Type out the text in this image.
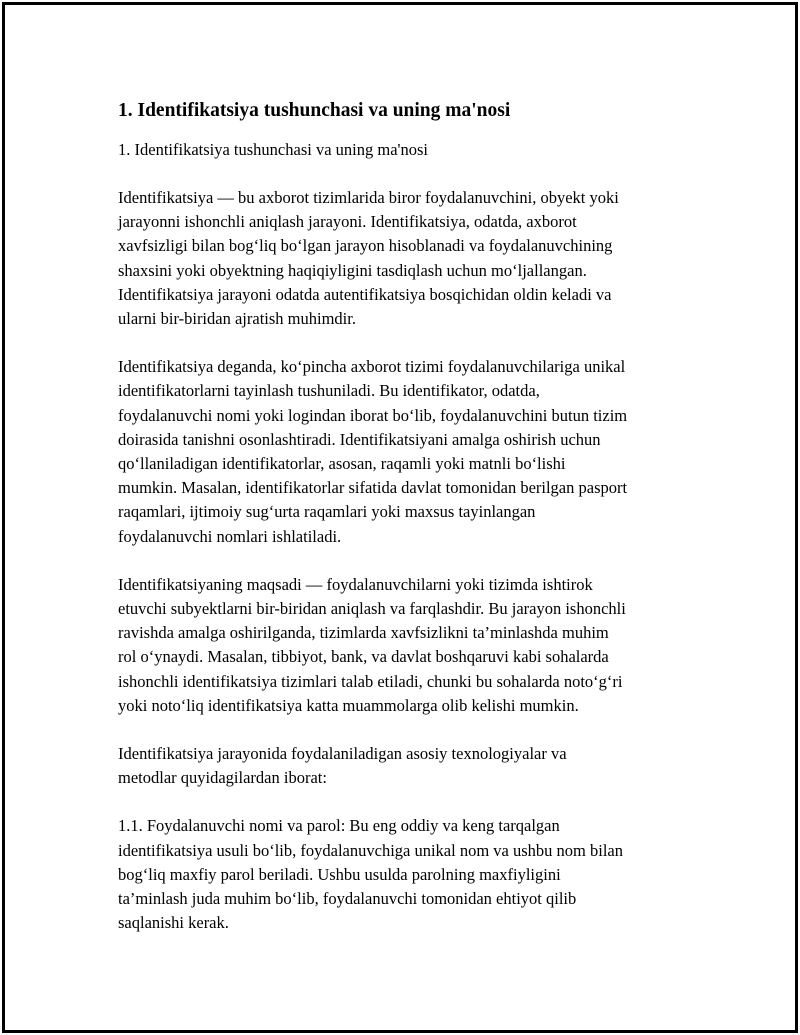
1. Identifikatsiya tushunchasi va uning ma'nosi

1. Identifikatsiya tushunchasi va uning ma'nosi

Identifikatsiya — bu axborot tizimlarida biror foydalanuvchini, obyekt yoki
jarayonni ishonchli aniqlash jarayoni. Identifikatsiya, odatda, axborot
xavfsizligi bilan bog‘liq bo‘lgan jarayon hisoblanadi va foydalanuvchining
shaxsini yoki obyektning haqiqiyligini tasdiqlash uchun mo‘ljallangan.
Identifikatsiya jarayoni odatda autentifikatsiya bosqichidan oldin keladi va
ularni bir-biridan ajratish muhimdir.

Identifikatsiya deganda, ko‘pincha axborot tizimi foydalanuvchilariga unikal
identifikatorlarni tayinlash tushuniladi. Bu identifikator, odatda,
foydalanuvchi nomi yoki logindan iborat bo‘lib, foydalanuvchini butun tizim
doirasida tanishni osonlashtiradi. Identifikatsiyani amalga oshirish uchun
qo‘llaniladigan identifikatorlar, asosan, raqamli yoki matnli bo‘lishi
mumkin. Masalan, identifikatorlar sifatida davlat tomonidan berilgan pasport
raqamlari, ijtimoiy sug‘urta raqamlari yoki maxsus tayinlangan
foydalanuvchi nomlari ishlatiladi.

Identifikatsiyaning maqsadi — foydalanuvchilarni yoki tizimda ishtirok
etuvchi subyektlarni bir-biridan aniqlash va farqlashdir. Bu jarayon ishonchli
ravishda amalga oshirilganda, tizimlarda xavfsizlikni ta’minlashda muhim
rol o‘ynaydi. Masalan, tibbiyot, bank, va davlat boshqaruvi kabi sohalarda
ishonchli identifikatsiya tizimlari talab etiladi, chunki bu sohalarda noto‘g‘ri
yoki noto‘liq identifikatsiya katta muammolarga olib kelishi mumkin.

Identifikatsiya jarayonida foydalaniladigan asosiy texnologiyalar va
metodlar quyidagilardan iborat:

1.1. Foydalanuvchi nomi va parol: Bu eng oddiy va keng tarqalgan
identifikatsiya usuli bo‘lib, foydalanuvchiga unikal nom va ushbu nom bilan
bog‘liq maxfiy parol beriladi. Ushbu usulda parolning maxfiyligini
ta’minlash juda muhim bo‘lib, foydalanuvchi tomonidan ehtiyot qilib
saqlanishi kerak.
